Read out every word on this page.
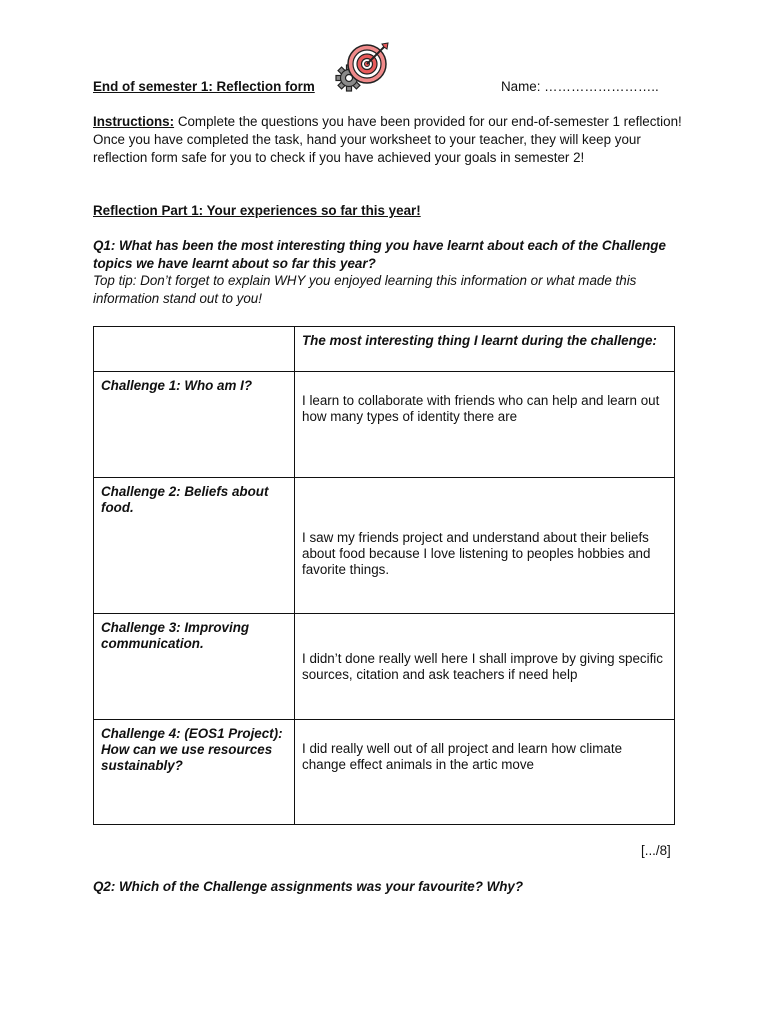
End of semester 1: Reflection form	Name: ……………………..
Instructions: Complete the questions you have been provided for our end-of-semester 1 reflection!
Once you have completed the task, hand your worksheet to your teacher, they will keep your reflection form safe for you to check if you have achieved your goals in semester 2!
Reflection Part 1: Your experiences so far this year!
Q1: What has been the most interesting thing you have learnt about each of the Challenge topics we have learnt about so far this year?
Top tip: Don’t forget to explain WHY you enjoyed learning this information or what made this information stand out to you!
	The most interesting thing I learnt during the challenge:
Challenge 1: Who am I?	I learn to collaborate with friends who can help and learn out how many types of identity there are

Challenge 2: Beliefs about food.	I saw my friends project and understand about their beliefs about food because I love listening to peoples hobbies and favorite things.

Challenge 3: Improving communication.	I didn’t done really well here I shall improve by giving specific sources, citation and ask teachers if need help

Challenge 4: (EOS1 Project): How can we use resources sustainably?	I did really well out of all project and learn how climate change effect animals in the artic move
[.../8]
Q2: Which of the Challenge assignments was your favourite? Why?
